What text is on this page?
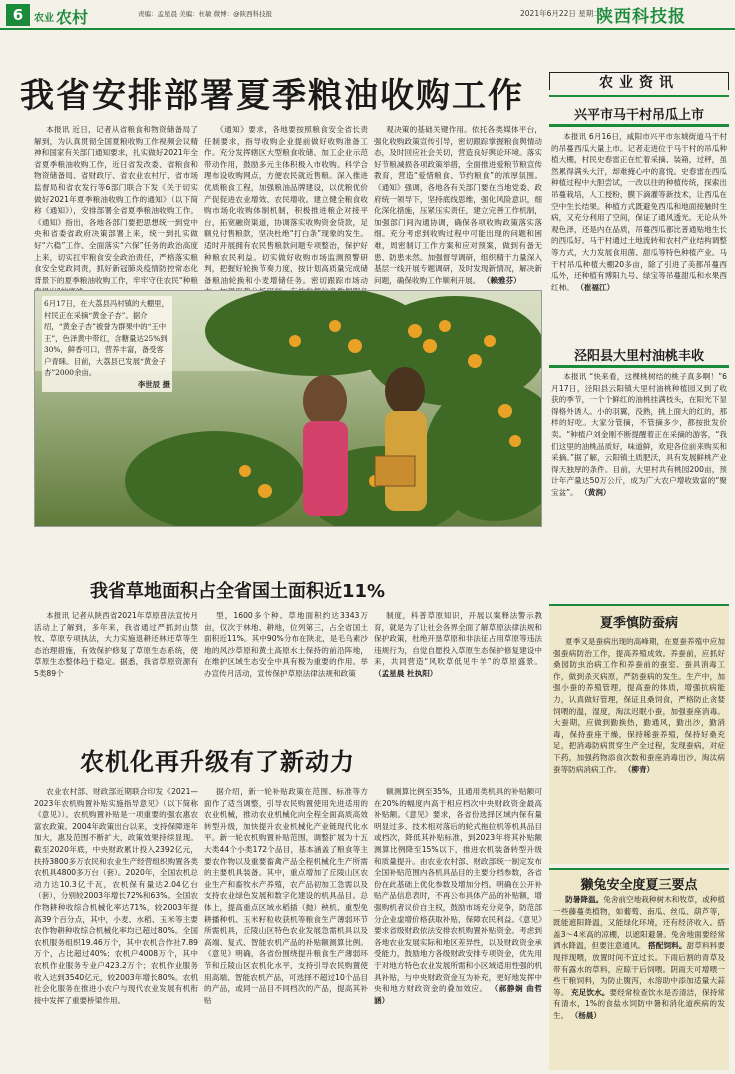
6	农业 农村	责编：孟星晨 美编：杜敏 微博：@陕西科技报	2021年6月22日 星期二
陕西科技报
我省安排部署夏季粮油收购工作

本报讯 近日，记者从省粮食和物资储备局了解到，为认真贯彻全国夏粮收购工作视频会议精神和国家有关部门通知要求，扎实做好2021年全省夏季粮油收购工作，近日省发改委、省粮食和物资储备局、省财政厅、省农业农村厅、省市场监督局和省农发行等6部门联合下发《关于切实做好2021年夏季粮油收购工作的通知》（以下简称《通知》），安排部署全省夏季粮油收购工作。《通知》指出，各地各部门要把思想统一到党中央和省委省政府决策部署上来，统一到扎实做好“六稳”工作、全面落实“六保”任务的政治高度上来，切实扛牢粮食安全政治责任，严格落实粮食安全党政同责，抓好新冠肺炎疫情防控常态化背景下的夏季粮油收购工作，牢牢守住农民“种粮

《通知》要求，各地要按照粮食安全省长责任制要求，指导收购企业提前做好收购准备工作。充分发挥辖区大型粮食收储、加工企业示范带动作用，鼓励多元主体积极入市收购。科学合理布设收购网点，方便农民就近售粮。深入推进优质粮食工程，加强粮油品牌建设，以优粮优价产促促进农业增效、农民增收。建立健全粮食收购市场化收购体制机制，积极推进粮企对接平台，拓宽融资渠道，协调落实收购资金贷款，足额兑付售粮款，坚决杜绝“打白条”现象的发生。适时开展拥有农民售粮款问题专项整治，保护好种粮农民利益。切实做好收购市场监测预警研判，把握好轮换节奏力度，按计划高质量完成储备粮油轮换和小麦增储任务。密切跟踪市场动

观决策的基础关键作用。依托各类媒体平台，强化收购政策宣传引导，密切跟踪掌握粮食舆情动态，及时回应社会关切，营造良好舆论环境。落实好节粮减损各项政策举措，全面推进爱粮节粮宣传教育，营造“爱惜粮食、节约粮食”的浓厚氛围。《通知》强调，各地各有关部门要在当地党委、政府统一领导下，坚持底线思维，强化风险意识，细化深化措施，压紧压实责任，建立完善工作机制，加强部门间沟通协调，确保各项收购政策落实落细。充分考虑到收购过程中可能出现的问题和困难，周密制订工作方案和应对预案，做到有备无患、防患未然。加强督导调研，组织精干力量深入基层一线开展专题调研，及时发现新情况，解决新问题，确保收购工作顺利开展。 （赖雅芬）

农业资讯
兴平市马干村吊瓜上市

本报讯 6月16日，咸阳市兴平市东城街道马干村的吊蔓西瓜大量上市。记者走进位于马干村的吊瓜种植大棚，村民史春雷正在忙着采摘、装箱，过秤，虽然累得满头大汗，却难掩心中的喜悦。史春雷在西瓜种植过程中大胆尝试，一改以往的种植传统，探索出吊蔓栽培，人工授粉，膜下滴灌等新技术，让西瓜在空中生长结果。种植方式既避免西瓜和地面接触时生病，又充分利用了空间，保证了通风透光。无论从外观色泽，还是内在品质，吊蔓西瓜都比普通贴地生长的西瓜好。马干村通过土地流转和农村产业结构调整等方式，大力发展食用菌、甜瓜等特色种植产业。马干村吊瓜种植大棚20多亩，除了引进了美都吊蔓西瓜外，还种植有博阳九号、绿宝等吊蔓甜瓜和水果西红柿。 （崔福江）

泾阳县大里村油桃丰收

本报讯 “快来看，这棵桃树结的桃子真多啊！”6月17日，泾阳县云阳镇大里村油桃种植园又到了收获的季节，一个个鲜红的油桃挂满枝头，在阳光下显得格外诱人。小的羽翼，没熟，挑上面大的红的，那样的好吃。大家分管摘，不管摘多少，都按批发价卖。“种植户刘金刚不断提醒着正在采摘的游客，“我们这里的油桃品质好，味道鲜，欢迎各位前来购买和采摘。”据了解，云阳镇土质肥沃，具有发展鲜桃产业得天独厚的条件。目前，大里村共有桃园200亩，预计年产量达50万公斤，成为广大农户增收致富的“聚宝盆”。 （黄润）

6月17日，在大荔县冯村镇的大棚里，村民正在采摘“黄金子杏”。据介绍，“黄金子杏”被誉为群果中的“王中王”，色泽黄中带红，含糖量达25%到30%，鲜香可口，营养丰富，备受客户青睐。目前，大荔县已发展“黄金子杏”2000余亩。
李世辰 摄
我省草地面积占全省国土面积近11%

本报讯 记者从陕西省2021年草原普法宣传月活动上了解到，多年来，我省通过严抓封山禁牧、草原专项执法，大力实施退耕还林还草等生态治理措施，有效保护修复了草原生态系统，使草原生态整体趋于稳定。据悉，我省草原资源有5类89个

型，1600多个种。草地面积约达3343万亩，仅次于林地、耕地，位列第三，占全省国土面积近11%。其中90%分布在陕北，是毛乌素沙地的风沙草原和黄土高原水土保持的前沿阵地，在维护区域生态安全中具有极为重要的作用。举办宣传月活动，宣传保护草原法律法规和政策

制度，科普草原知识，开展以案释法警示教育，就是为了让社会各界全面了解草原法律法规和保护政策，杜绝开垦草原和非法征占用草原等违法违规行为，自觉自愿投入草原生态保护修复建设中来，共同营造“风吹草低见牛羊”的草原盛景。 （孟星晨 杜执阳）

农机化再升级有了新动力

农业农村部、财政部近期联合印发《2021—2023年农机购置补贴实施指导意见》（以下简称《意见》）。农机购置补贴是一项重要的强农惠农富农政策。2004年政策出台以来，支持保障逐年加大，惠及范围不断扩大，政策效果持续显现。截至2020年底，中央财政累计投入2392亿元，扶持3800多万农民和农业生产经营组织购置各类农机具4800多万台（套）。2020年，全国农机总动力达10.3亿千瓦，农机保有量达2.04亿台（套），分别较2003年增长72%和63%。全国农作物耕种收综合机械化率达71%，较2003年提高39个百分点，其中，小麦、水稻、玉米等主要农作物耕种收综合机械化率均已超过80%。全国农机服务组织19.46万个，其中农机合作社7.89万个，占比超过40%；农机户4008万个，其中农机作业服务专业户423.2万个；农机作业服务收入达到3540亿元，较2003年增长80%。农机社会化服务在推进小农户与现代农业发展有机衔接中发挥了重要桥梁作用。

据介绍，新一轮补贴政策在范围、标准等方面作了适当调整，引导农民购置使用先进适用的农业机械，推动农业机械化向全程全面高质高效转型升级，加快提升农业机械化产业链现代化水平。新一轮农机购置补贴范围，调整扩展为十五大类44个小类172个品目，基本涵盖了粮食等主要农作物以及重要畜禽产品全程机械化生产所需的主要机具装备。其中，重点增加了丘陵山区农业生产和畜牧水产养殖，农产品初加工急需以及支持农业绿色发展和数字化建设的机具品目。总体上，提高重点区域水稻插（抛）秧机、重型免耕播种机、玉米籽粒收获机等粮食生产薄弱环节所需机具，丘陵山区特色农业发展急需机具以及高端、复式、智能农机产品的补贴额测算比例。《意见》明确，各省份围绕提升粮食生产薄弱环节和丘陵山区农机化水平，支持引导农民购置使用高端、智能农机产品，可选择不超过10个品目的产品，或同一品目不同档次的产品，提高其补贴

额测算比例至35%，且通用类机具的补贴额可在20%的幅度内高于相应档次中央财政资金最高补贴额。《意见》要求，各省份选择区域内保有量明显过多、技术相对落后的轮式拖拉机等机具品目或档次，降低其补贴标准，到2023年将其补贴额测算比例降至15%以下，推进农机装备转型升级和质量提升。由农业农村部、财政部统一制定发布全国补贴范围内各机具品目的主要分档参数，各省份在此基础上优化参数及增加分档。明确在公开补贴产品信息表时，不再公布具体产品的补贴额，增强购机者议价自主权，鼓励市场充分竞争，防范部分企业虚增价格获取补贴，保障农民利益。《意见》要求省级财政依法安排农机购置补贴资金。考虑到各地农业发展实际和地区差异性，以及财政资金承受能力，鼓励地方各级财政安排专项资金，优先用于对地方特色农业发展所需和小区域适用性强的机具补贴，与中央财政资金互为补充，更好地发挥中央和地方财政资金的叠加效应。 （郝静娴 曲哲涵）

夏季慎防蚕病

夏季又是蚕病出现的高峰期，在夏蚕养殖中应加强蚕病防治工作，提高养殖成效。养蚕前，应抓好桑园防虫治病工作和养蚕前的蚕室、蚕具消毒工作，做到杀灭病原，严防蚕病的发生。生产中，加强小蚕的养殖管理，提高蚕的体质，增强抗病能力，认真做好管理，保证且桑饲食，严格防止贪婪饲喂的温，湿度，淘汰迟眠小蚕，加强蚕座消毒。大蚕期，应做到勤换热，勤通风，勤出沙，勤消毒，保持蚕座干燥，保持稀蚕养殖，保持好桑充足，把消毒防病贯穿生产全过程，发现蚕病，对症下药，加强药物添食次数和蚕座消毒出沙，淘汰病蚕等防病消病工作。 （柳青）

獭兔安全度夏三要点

防暑降温。兔舍前空地栽种树木和牧草，或种植一些藤蔓类植物，如葡萄、南瓜、丝瓜、葫芦等，既能遮阳降温，又能绿化环境，还有经济收入。搭盖3～4米高的凉棚，以遮阳避暑。兔舍地面要经常洒水降温，但要注意通风。 搭配饲料。甜草料料要现拌现喂，放置时间不宜过长。下雨后割的青草及带有露水的草料，应晾干后饲喂。阴雨天可增喂一些干粮饲料，为防止腹泻，水溶助中添加适量大蒜等。 充足饮水。要经常检查饮水是否清洁，保持常有清水，1%的食盐水饲防中暑和消化道疾病的发生。 （杨晨）
